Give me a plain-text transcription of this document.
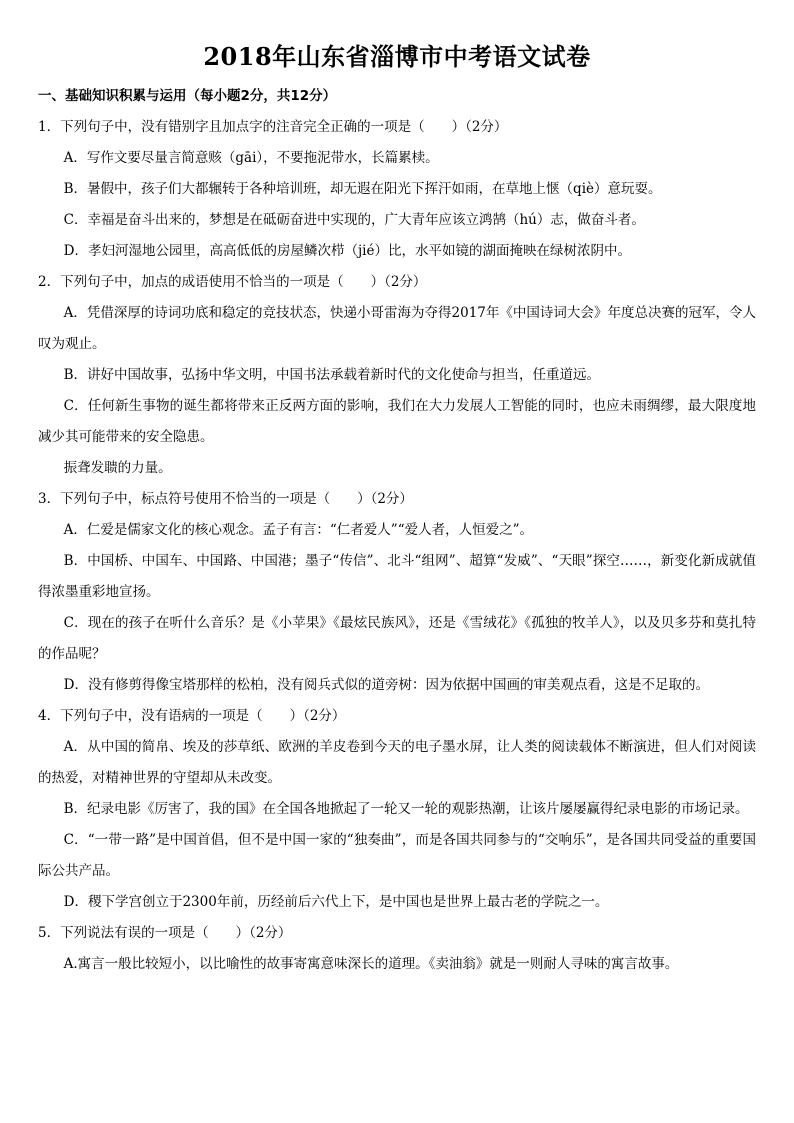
2018年山东省淄博市中考语文试卷
一、基础知识积累与运用（每小题2分，共12分）

1．下列句子中，没有错别字且加点字的注音完全正确的一项是（　　）（2分）

A．写作文要尽量言简意赅（gāi），不要拖泥带水，长篇累椟。

B．暑假中，孩子们大都辗转于各种培训班，却无遐在阳光下挥汗如雨，在草地上惬（qiè）意玩耍。

C．幸福是奋斗出来的，梦想是在砥砺奋进中实现的，广大青年应该立鸿鹄（hú）志，做奋斗者。

D．孝妇河湿地公园里，高高低低的房屋鳞次栉（jié）比，水平如镜的湖面掩映在绿树浓阴中。

2．下列句子中，加点的成语使用不恰当的一项是（　　）（2分）

A．凭借深厚的诗词功底和稳定的竞技状态，快递小哥雷海为夺得2017年《中国诗词大会》年度总决赛的冠军，令人叹为观止。

B．讲好中国故事，弘扬中华文明，中国书法承载着新时代的文化使命与担当，任重道远。

C．任何新生事物的诞生都将带来正反两方面的影响，我们在大力发展人工智能的同时，也应未雨绸缪，最大限度地减少其可能带来的安全隐患。

振聋发聩的力量。

3．下列句子中，标点符号使用不恰当的一项是（　　）（2分）

A．仁爱是儒家文化的核心观念。孟子有言：“仁者爱人”“爱人者，人恒爱之”。

B．中国桥、中国车、中国路、中国港；墨子“传信”、北斗“组网”、超算“发威”、“天眼”探空……，新变化新成就值得浓墨重彩地宣扬。

C．现在的孩子在听什么音乐？是《小苹果》《最炫民族风》，还是《雪绒花》《孤独的牧羊人》，以及贝多芬和莫扎特的作品呢？

D．没有修剪得像宝塔那样的松柏，没有阅兵式似的道旁树：因为依据中国画的审美观点看，这是不足取的。

4．下列句子中，没有语病的一项是（　　）（2分）

A．从中国的简帛、埃及的莎草纸、欧洲的羊皮卷到今天的电子墨水屏，让人类的阅读载体不断演进，但人们对阅读的热爱，对精神世界的守望却从未改变。

B．纪录电影《厉害了，我的国》在全国各地掀起了一轮又一轮的观影热潮，让该片屡屡赢得纪录电影的市场记录。

C．“一带一路”是中国首倡，但不是中国一家的“独奏曲”，而是各国共同参与的“交响乐”，是各国共同受益的重要国际公共产品。

D．稷下学宫创立于2300年前，历经前后六代上下，是中国也是世界上最古老的学院之一。

5．下列说法有误的一项是（　　）（2分）

A.寓言一般比较短小，以比喻性的故事寄寓意味深长的道理。《卖油翁》就是一则耐人寻味的寓言故事。
